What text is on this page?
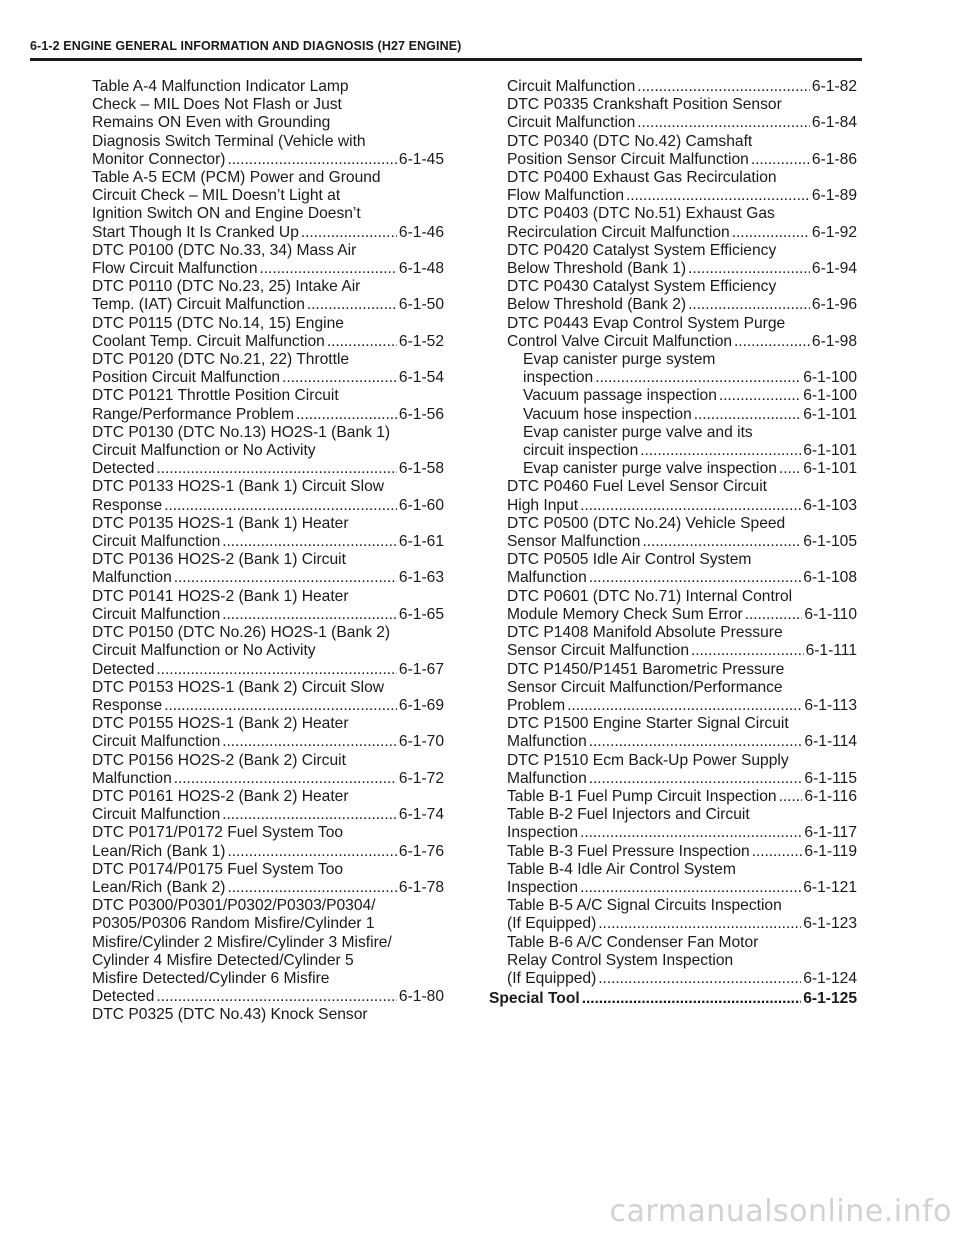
6-1-2 ENGINE GENERAL INFORMATION AND DIAGNOSIS (H27 ENGINE)
Table A-4 Malfunction Indicator Lamp
Check – MIL Does Not Flash or Just
Remains ON Even with Grounding
Diagnosis Switch Terminal (Vehicle with
Monitor Connector) . . .	6-1-45
Table A-5 ECM (PCM) Power and Ground
Circuit Check – MIL Doesn’t Light at
Ignition Switch ON and Engine Doesn’t
Start Though It Is Cranked Up . . .	6-1-46
DTC P0100 (DTC No.33, 34) Mass Air
Flow Circuit Malfunction . . .	6-1-48
DTC P0110 (DTC No.23, 25) Intake Air
Temp. (IAT) Circuit Malfunction . . .	6-1-50
DTC P0115 (DTC No.14, 15) Engine
Coolant Temp. Circuit Malfunction . . .	6-1-52
DTC P0120 (DTC No.21, 22) Throttle
Position Circuit Malfunction . . .	6-1-54
DTC P0121 Throttle Position Circuit
Range/Performance Problem . . .	6-1-56
DTC P0130 (DTC No.13) HO2S-1 (Bank 1)
Circuit Malfunction or No Activity
Detected . . .	6-1-58
DTC P0133 HO2S-1 (Bank 1) Circuit Slow
Response . . .	6-1-60
DTC P0135 HO2S-1 (Bank 1) Heater
Circuit Malfunction . . .	6-1-61
DTC P0136 HO2S-2 (Bank 1) Circuit
Malfunction . . .	6-1-63
DTC P0141 HO2S-2 (Bank 1) Heater
Circuit Malfunction . . .	6-1-65
DTC P0150 (DTC No.26) HO2S-1 (Bank 2)
Circuit Malfunction or No Activity
Detected . . .	6-1-67
DTC P0153 HO2S-1 (Bank 2) Circuit Slow
Response . . .	6-1-69
DTC P0155 HO2S-1 (Bank 2) Heater
Circuit Malfunction . . .	6-1-70
DTC P0156 HO2S-2 (Bank 2) Circuit
Malfunction . . .	6-1-72
DTC P0161 HO2S-2 (Bank 2) Heater
Circuit Malfunction . . .	6-1-74
DTC P0171/P0172 Fuel System Too
Lean/Rich (Bank 1) . . .	6-1-76
DTC P0174/P0175 Fuel System Too
Lean/Rich (Bank 2) . . .	6-1-78
DTC P0300/P0301/P0302/P0303/P0304/
P0305/P0306 Random Misfire/Cylinder 1
Misfire/Cylinder 2 Misfire/Cylinder 3 Misfire/
Cylinder 4 Misfire Detected/Cylinder 5
Misfire Detected/Cylinder 6 Misfire
Detected . . .	6-1-80
DTC P0325 (DTC No.43) Knock Sensor
Circuit Malfunction . . .	6-1-82
DTC P0335 Crankshaft Position Sensor
Circuit Malfunction . . .	6-1-84
DTC P0340 (DTC No.42) Camshaft
Position Sensor Circuit Malfunction . . .	6-1-86
DTC P0400 Exhaust Gas Recirculation
Flow Malfunction . . .	6-1-89
DTC P0403 (DTC No.51) Exhaust Gas
Recirculation Circuit Malfunction . . .	6-1-92
DTC P0420 Catalyst System Efficiency
Below Threshold (Bank 1) . . .	6-1-94
DTC P0430 Catalyst System Efficiency
Below Threshold (Bank 2) . . .	6-1-96
DTC P0443 Evap Control System Purge
Control Valve Circuit Malfunction . . .	6-1-98
Evap canister purge system
inspection . . .	6-1-100
Vacuum passage inspection . . .	6-1-100
Vacuum hose inspection . . .	6-1-101
Evap canister purge valve and its
circuit inspection . . .	6-1-101
Evap canister purge valve inspection . . . 6-1-101
DTC P0460 Fuel Level Sensor Circuit
High Input . . .	6-1-103
DTC P0500 (DTC No.24) Vehicle Speed
Sensor Malfunction . . .	6-1-105
DTC P0505 Idle Air Control System
Malfunction . . .	6-1-108
DTC P0601 (DTC No.71) Internal Control
Module Memory Check Sum Error . . .	6-1-110
DTC P1408 Manifold Absolute Pressure
Sensor Circuit Malfunction . . .	6-1-111
DTC P1450/P1451 Barometric Pressure
Sensor Circuit Malfunction/Performance
Problem . . .	6-1-113
DTC P1500 Engine Starter Signal Circuit
Malfunction . . .	6-1-114
DTC P1510 Ecm Back-Up Power Supply
Malfunction . . .	6-1-115
Table B-1 Fuel Pump Circuit Inspection . . . 6-1-116
Table B-2 Fuel Injectors and Circuit
Inspection . . .	6-1-117
Table B-3 Fuel Pressure Inspection . . .	6-1-119
Table B-4 Idle Air Control System
Inspection . . .	6-1-121
Table B-5 A/C Signal Circuits Inspection
(If Equipped) . . .	6-1-123
Table B-6 A/C Condenser Fan Motor
Relay Control System Inspection
(If Equipped) . . .	6-1-124
Special Tool . . .	6-1-125
carmanualsonline.info
